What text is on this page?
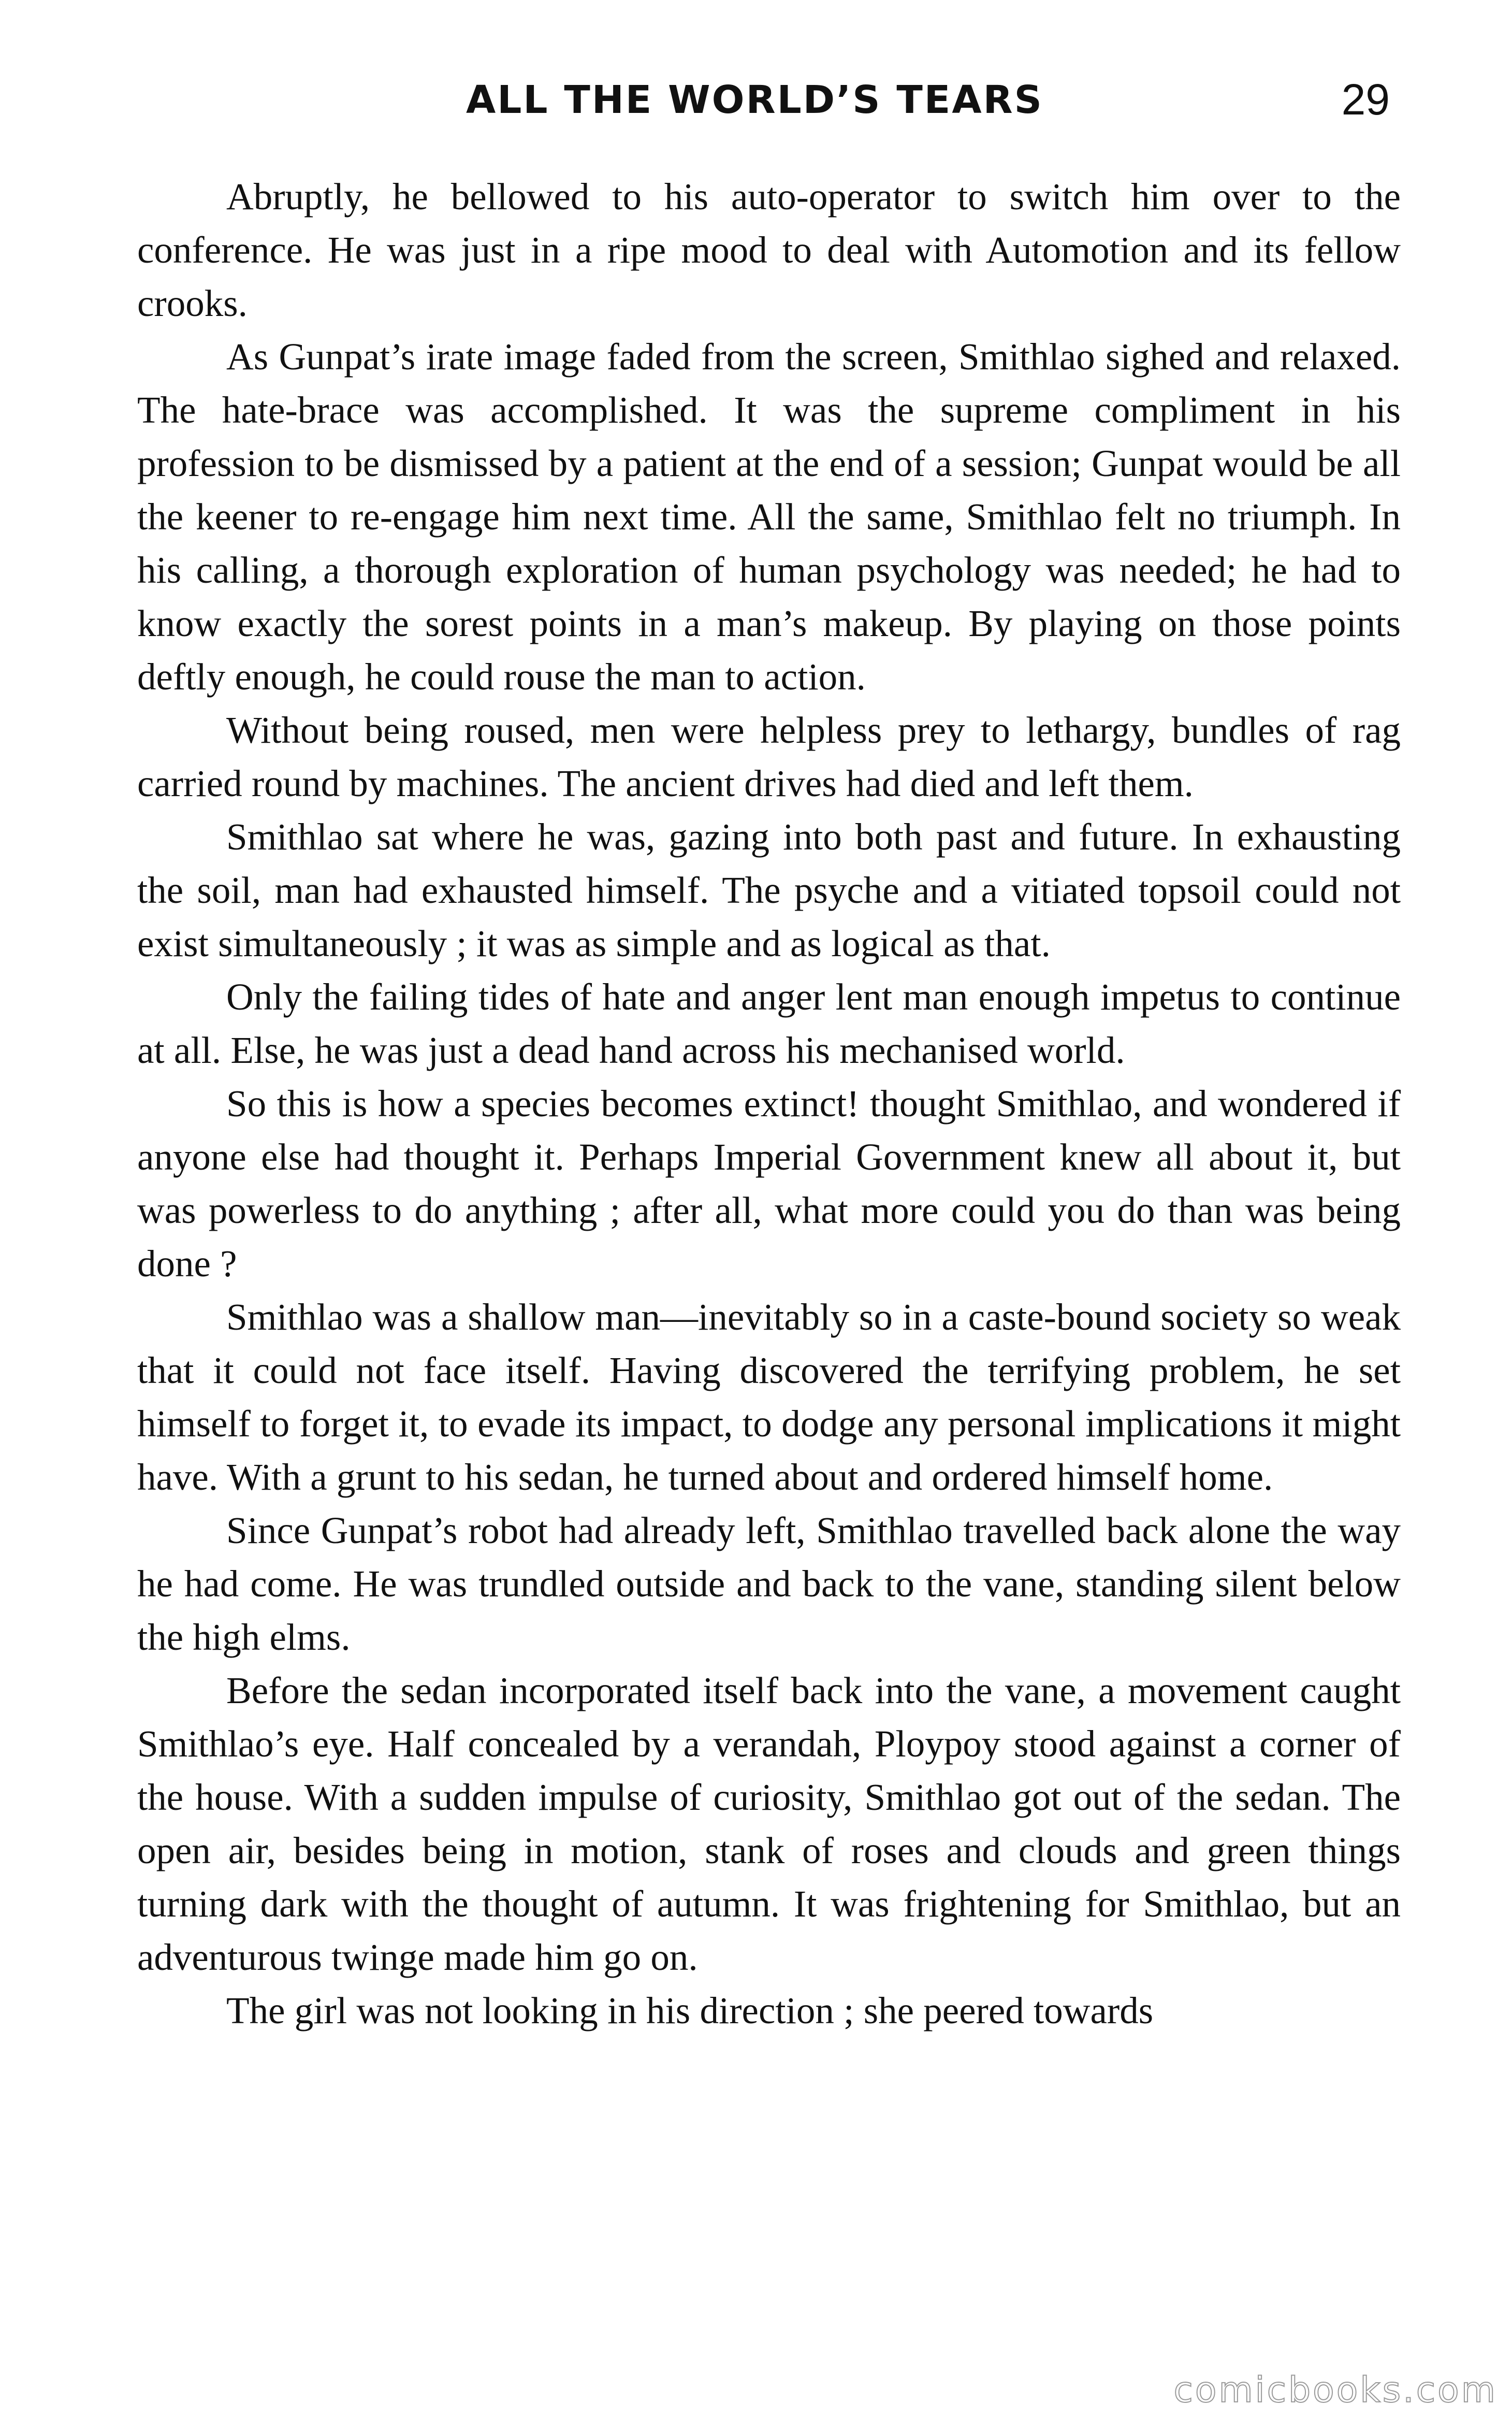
ALL THE WORLD’S TEARS	29

Abruptly, he bellowed to his auto-operator to switch him over to the conference. He was just in a ripe mood to deal with Automotion and its fellow crooks.

As Gunpat’s irate image faded from the screen, Smithlao sighed and relaxed. The hate-brace was accomplished. It was the supreme compliment in his profession to be dismissed by a patient at the end of a session; Gunpat would be all the keener to re-engage him next time. All the same, Smithlao felt no triumph. In his calling, a thorough exploration of human psychology was needed; he had to know exactly the sorest points in a man’s makeup. By playing on those points deftly enough, he could rouse the man to action.

Without being roused, men were helpless prey to lethargy, bundles of rag carried round by machines. The ancient drives had died and left them.

Smithlao sat where he was, gazing into both past and future. In exhausting the soil, man had exhausted himself. The psyche and a vitiated topsoil could not exist simultaneously ; it was as simple and as logical as that.

Only the failing tides of hate and anger lent man enough impetus to continue at all. Else, he was just a dead hand across his mechanised world.

So this is how a species becomes extinct! thought Smithlao, and wondered if anyone else had thought it. Perhaps Imperial Government knew all about it, but was powerless to do anything ; after all, what more could you do than was being done ?

Smithlao was a shallow man—inevitably so in a caste-bound society so weak that it could not face itself. Having discovered the terrifying problem, he set himself to forget it, to evade its impact, to dodge any personal implications it might have. With a grunt to his sedan, he turned about and ordered himself home.

Since Gunpat’s robot had already left, Smithlao travelled back alone the way he had come. He was trundled outside and back to the vane, standing silent below the high elms.

Before the sedan incorporated itself back into the vane, a movement caught Smithlao’s eye. Half concealed by a verandah, Ploypoy stood against a corner of the house. With a sudden impulse of curiosity, Smithlao got out of the sedan. The open air, besides being in motion, stank of roses and clouds and green things turning dark with the thought of autumn. It was frightening for Smithlao, but an adventurous twinge made him go on.

The girl was not looking in his direction ; she peered towards

comicbooks.com
